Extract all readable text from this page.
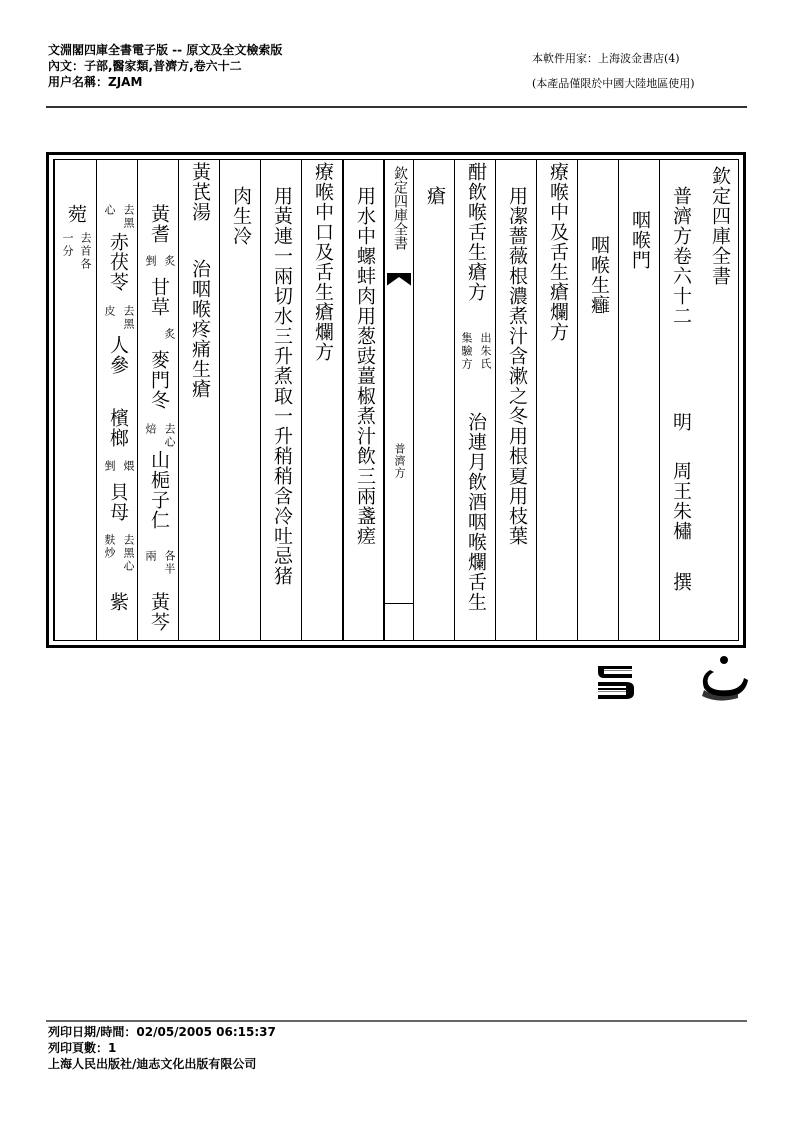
文淵閣四庫全書電子版 -- 原文及全文檢索版
內文：子部,醫家類,普濟方,卷六十二
用户名稱：ZJAM
本軟件用家：上海波金書店(4)
(本產品僅限於中國大陸地區使用)
欽定四庫全書
普濟方卷六十二
明
周王朱橚
撰
咽喉門
咽喉生癰
療喉中及舌生瘡爛方
用㓗薔薇根濃煮汁含漱之冬用根夏用枝葉
酣飲喉舌生瘡方
出朱氏
集驗方
治連月飲酒咽喉爛舌生
瘡
欽定四庫全書
普濟方
用水中螺蚌肉用葱豉薑椒煮汁飲三兩盞瘥
療喉中口及舌生瘡爛方
用黃連一兩切水三升煮取一升稍稍含冷吐忌猪
肉生冷
黃芪湯
治咽喉疼痛生瘡
黃耆
炙
剉
甘草
炙
麥門冬
去心
焙
山梔子仁
各半
兩
黃芩
去黑
心
赤茯苓
去黑
皮
人參
檳榔
煨
剉
貝母
去黑心
麩炒
紫
菀
去首各
一分
列印日期/時間：02/05/2005 06:15:37
列印頁數：1
上海人民出版社/迪志文化出版有限公司
